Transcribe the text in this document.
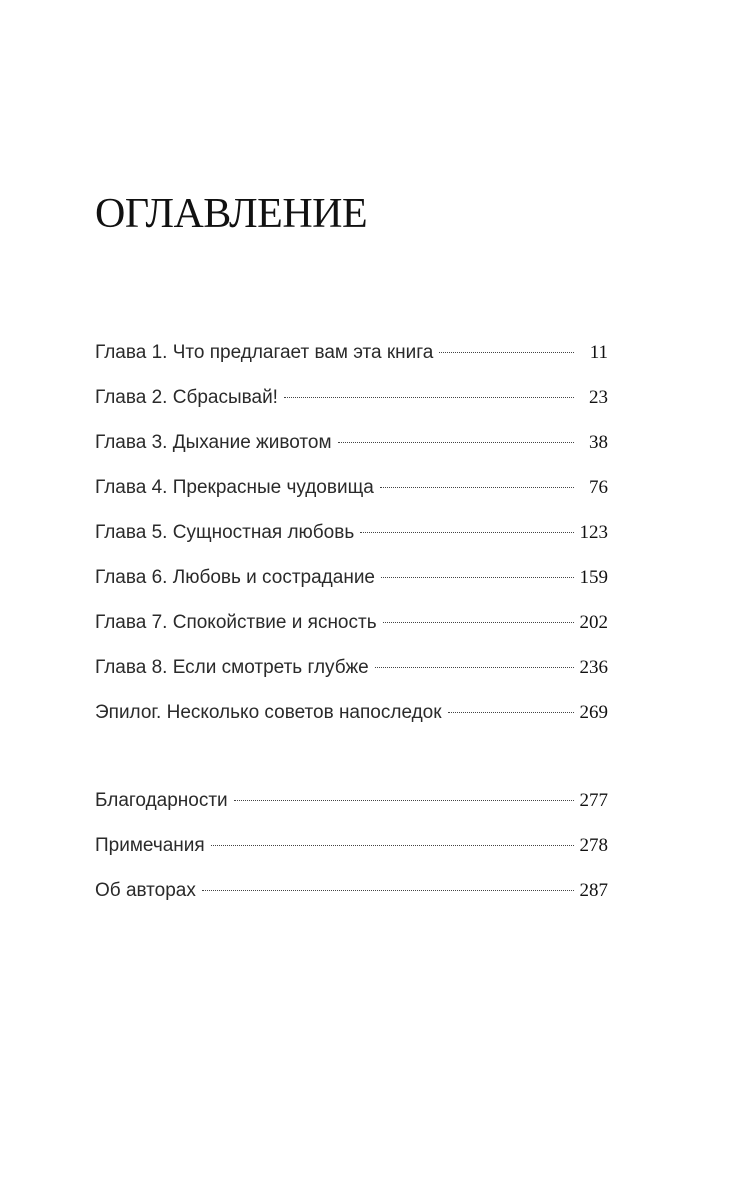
ОГЛАВЛЕНИЕ
Глава 1. Что предлагает вам эта книга	11
Глава 2. Сбрасывай!	23
Глава 3. Дыхание животом	38
Глава 4. Прекрасные чудовища	76
Глава 5. Сущностная любовь	123
Глава 6. Любовь и сострадание	159
Глава 7. Спокойствие и ясность	202
Глава 8. Если смотреть глубже	236
Эпилог. Несколько советов напоследок	269
Благодарности	277
Примечания	278
Об авторах	287
